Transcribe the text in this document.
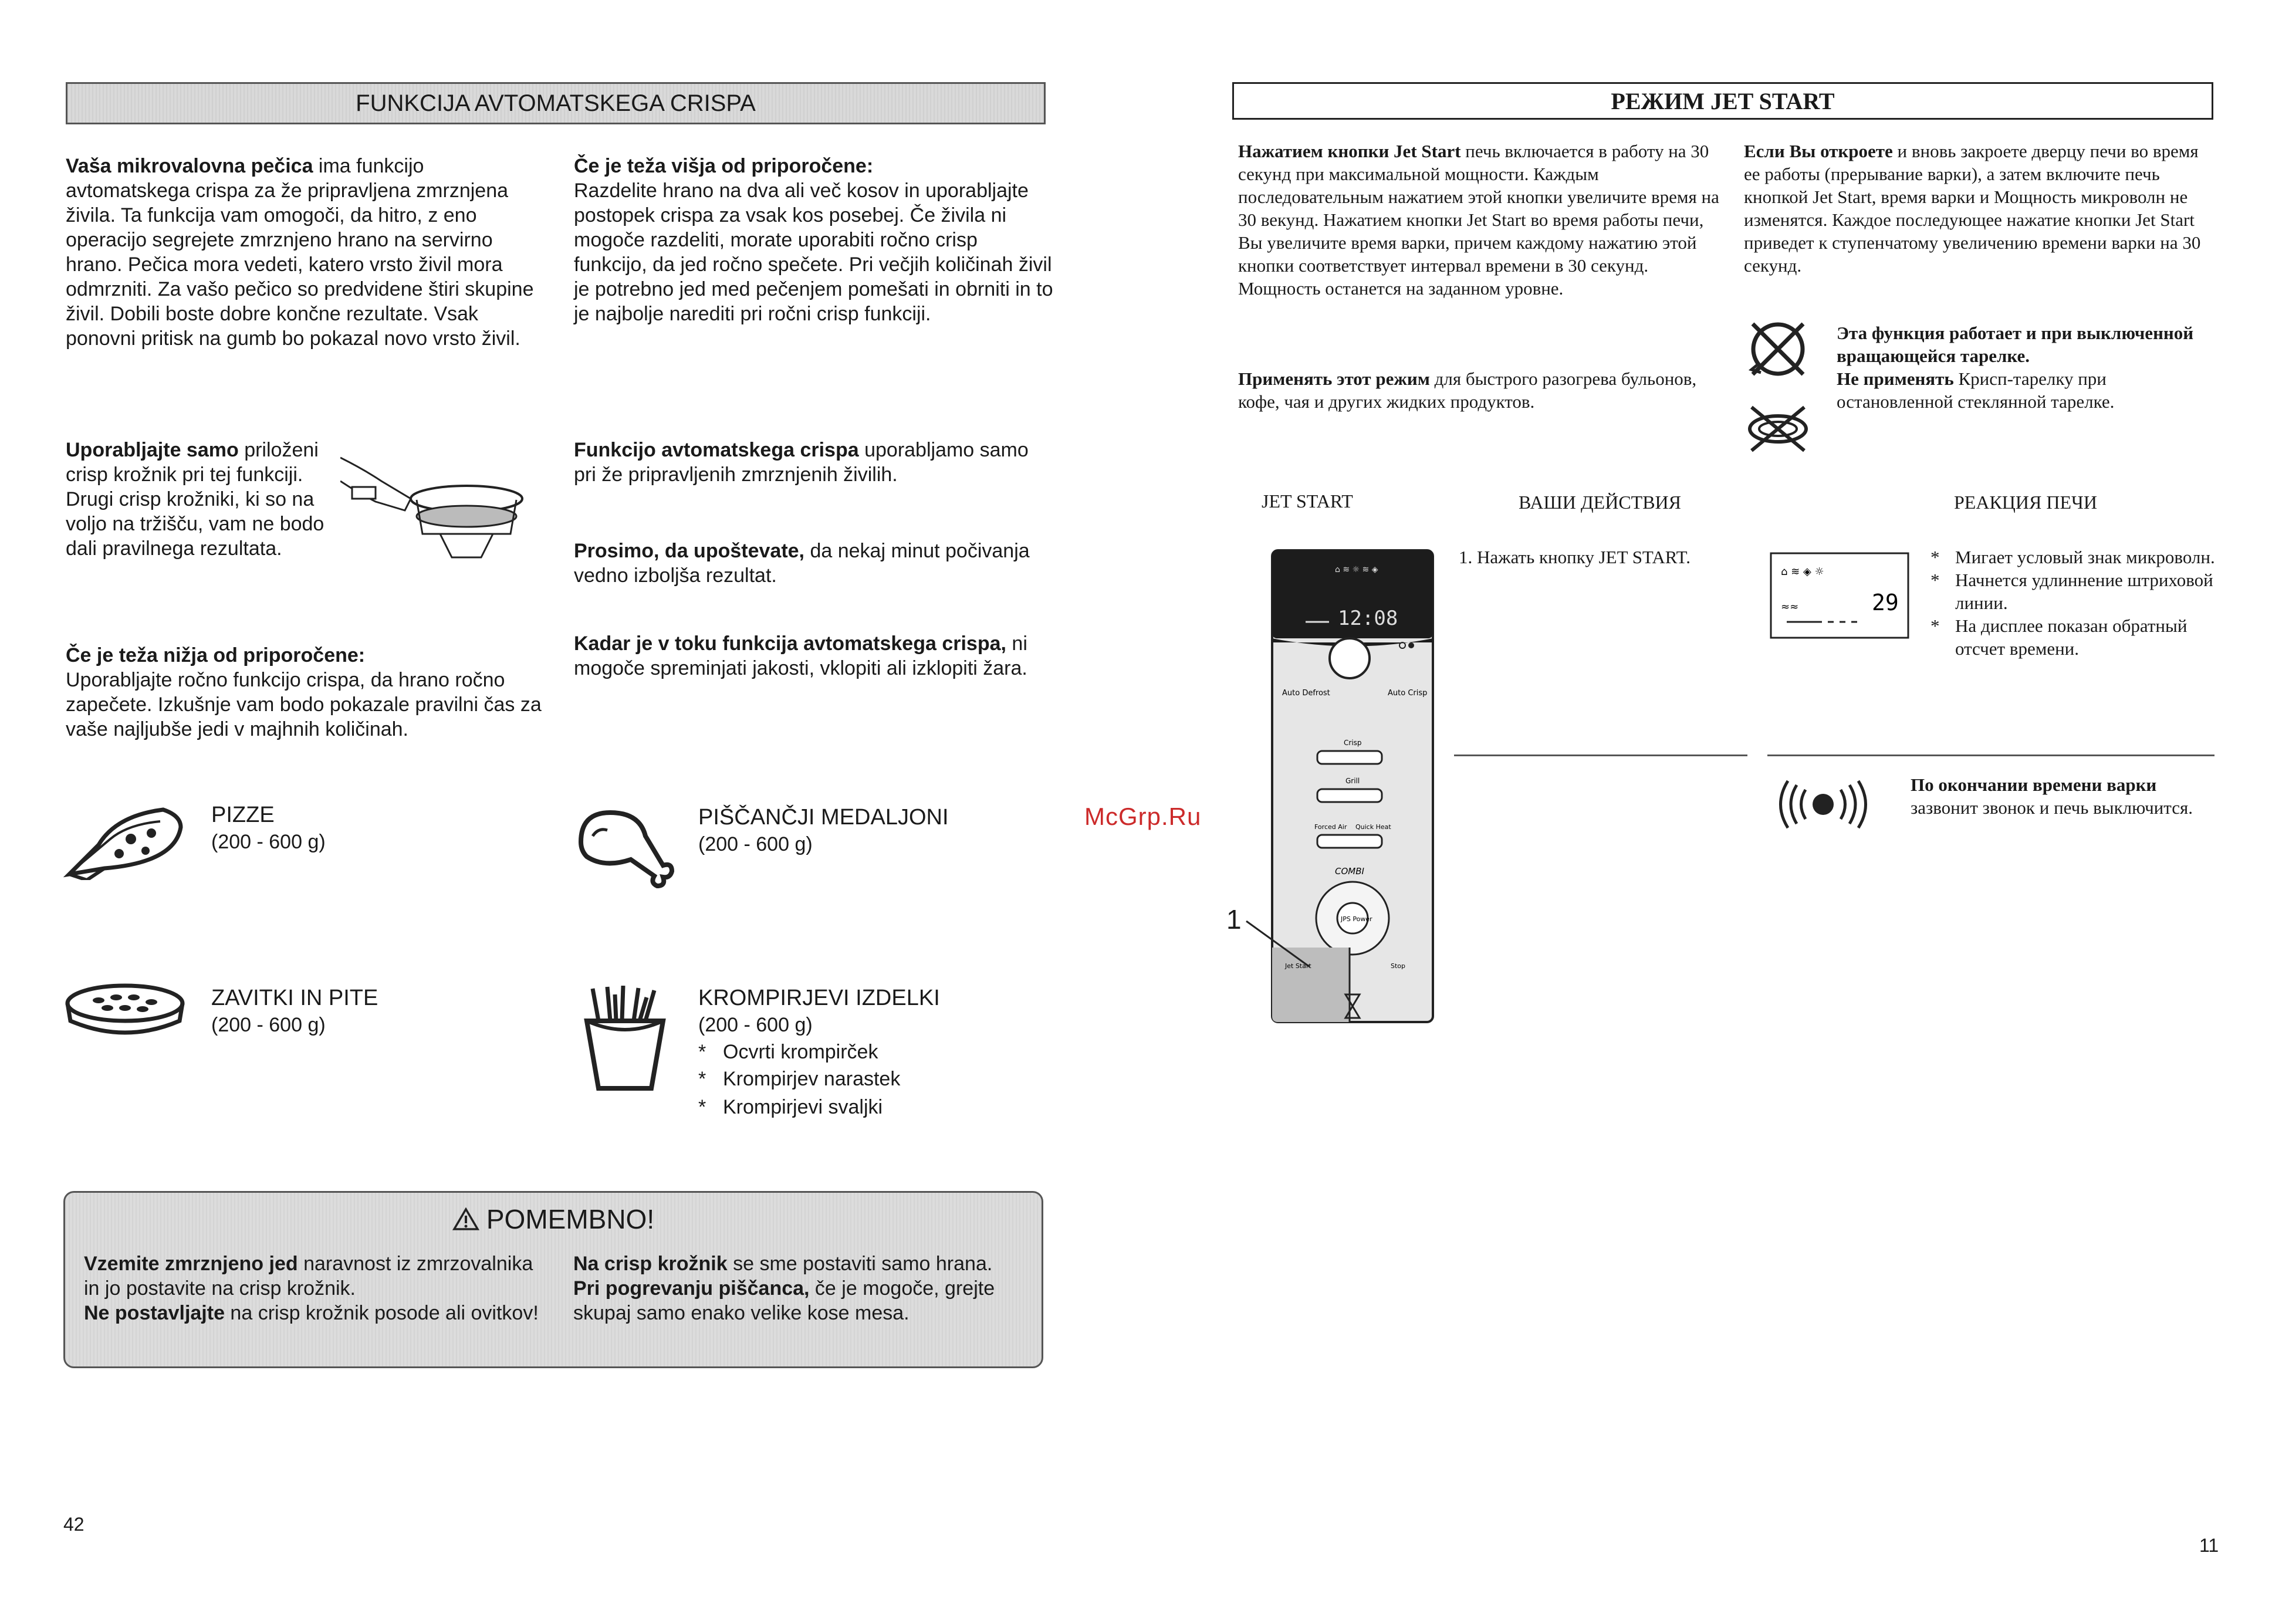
FUNKCIJA AVTOMATSKEGA CRISPA
Vaša mikrovalovna pečica ima funkcijo avtomatskega crispa za že pripravljena zmrznjena živila. Ta funkcija vam omogoči, da hitro, z eno operacijo segrejete zmrznjeno hrano na servirno hrano. Pečica mora vedeti, katero vrsto živil mora odmrzniti. Za vašo pečico so predvidene štiri skupine živil. Dobili boste dobre končne rezultate. Vsak ponovni pritisk na gumb bo pokazal novo vrsto živil.
Če je teža višja od priporočene:
Razdelite hrano na dva ali več kosov in uporabljajte postopek crispa za vsak kos posebej. Če živila ni mogoče razdeliti, morate uporabiti ročno crisp funkcijo, da jed ročno spečete. Pri večjih količinah živil je potrebno jed med pečenjem pomešati in obrniti in to je najbolje narediti pri ročni crisp funkciji.
Uporabljajte samo priloženi crisp krožnik pri tej funkciji. Drugi crisp krožniki, ki so na voljo na tržišču, vam ne bodo dali pravilnega rezultata.
Funkcijo avtomatskega crispa uporabljamo samo pri že pripravljenih zmrznjenih živilih.
Prosimo, da upoštevate, da nekaj minut počivanja vedno izboljša rezultat.
Če je teža nižja od priporočene:
Uporabljajte ročno funkcijo crispa, da hrano ročno zapečete. Izkušnje vam bodo pokazale pravilni čas za vaše najljubše jedi v majhnih količinah.
Kadar je v toku funkcija avtomatskega crispa, ni mogoče spreminjati jakosti, vklopiti ali izklopiti žara.
PIZZE
(200 - 600 g)
PIŠČANČJI MEDALJONI
(200 - 600 g)
ZAVITKI IN PITE
(200 - 600 g)
KROMPIRJEVI IZDELKI
(200 - 600 g)
* Ocvrti krompirček
* Krompirjev narastek
* Krompirjevi svaljki
POMEMBNO!
Vzemite zmrznjeno jed naravnost iz zmrzovalnika in jo postavite na crisp krožnik.
Ne postavljajte na crisp krožnik posode ali ovitkov!
Na crisp krožnik se sme postaviti samo hrana.
Pri pogrevanju piščanca, če je mogoče, grejte skupaj samo enako velike kose mesa.
42
McGrp.Ru
РЕЖИМ JET START
Нажатием кнопки Jet Start печь включается в работу на 30 секунд при максимальной мощности. Каждым последовательным нажатием этой кнопки увеличите время на 30 векунд. Нажатием кнопки Jet Start во время работы печи, Вы увеличите время варки, причем каждому нажатию этой кнопки соответствует интервал времени в 30 секунд. Мощность останется на заданном уровне.
Применять этот режим для быстрого разогрева бульонов, кофе, чая и других жидких продуктов.
Если Вы откроете и вновь закроете дверцу печи во время ее работы (прерывание варки), а затем включите печь кнопкой Jet Start, время варки и Мощность микроволн не изменятся. Каждое последующее нажатие кнопки Jet Start приведет к ступенчатому увеличению времени варки на 30 секунд.
Эта функция работает и при выключенной вращающейся тарелке.
Не применять Крисп-тарелку при остановленной стеклянной тарелке.
JET START	ВАШИ ДЕЙСТВИЯ	РЕАКЦИЯ ПЕЧИ
⌂ ≋ ☼ ≋ ◈
12:08
Auto Defrost	Auto Crisp
Crisp
Grill
Forced Air Quick Heat
COMBI
JPS Power
Jet Start	Stop
1
1. Нажать кнопку JET START.
⌂ ≋ ◈ ☼
≈≈	29
* Мигает условый знак микроволн.
* Начнется удлиннение штриховой линии.
* На дисплее показан обратный отсчет времени.
По окончании времени варки зазвонит звонок и печь выключится.
11
